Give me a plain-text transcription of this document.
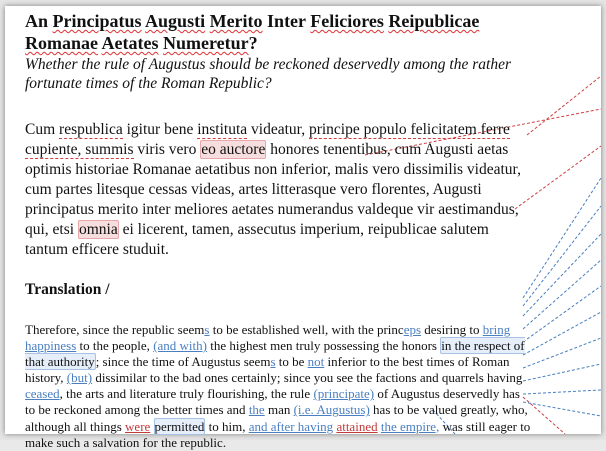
An Principatus Augusti Merito Inter Feliciores Reipublicae Romanae Aetates Numeretur?

Whether the rule of Augustus should be reckoned deservedly among the rather fortunate times of the Roman Republic?

Cum respublica igitur bene instituta videatur, principe populo felicitatem ferre cupiente, summis viris vero eo auctore honores tenentibus, cum Augusti aetas optimis historiae Romanae aetatibus non inferior, malis vero dissimilis videatur, cum partes litesque cessas videas, artes litterasque vero florentes, Augusti principatus merito inter meliores aetates numerandus valdeque vir aestimandus, qui, etsi omnia ei licerent, tamen, assecutus imperium, reipublicae salutem tantum efficere studuit.

Translation /

Therefore, since the republic seems to be established well, with the princeps desiring to bring happiness to the people, (and with) the highest men truly possessing the honors in the respect of that authority; since the time of Augustus seems to be not inferior to the best times of Roman history, (but) dissimilar to the bad ones certainly; since you see the factions and quarrels having ceased, the arts and literature truly flourishing, the rule (principate) of Augustus deservedly has to be reckoned among the better times and the man (i.e. Augustus) has to be valued greatly, who, although all things were permitted to him, and after having attained the empire, was still eager to make such a salvation for the republic.
